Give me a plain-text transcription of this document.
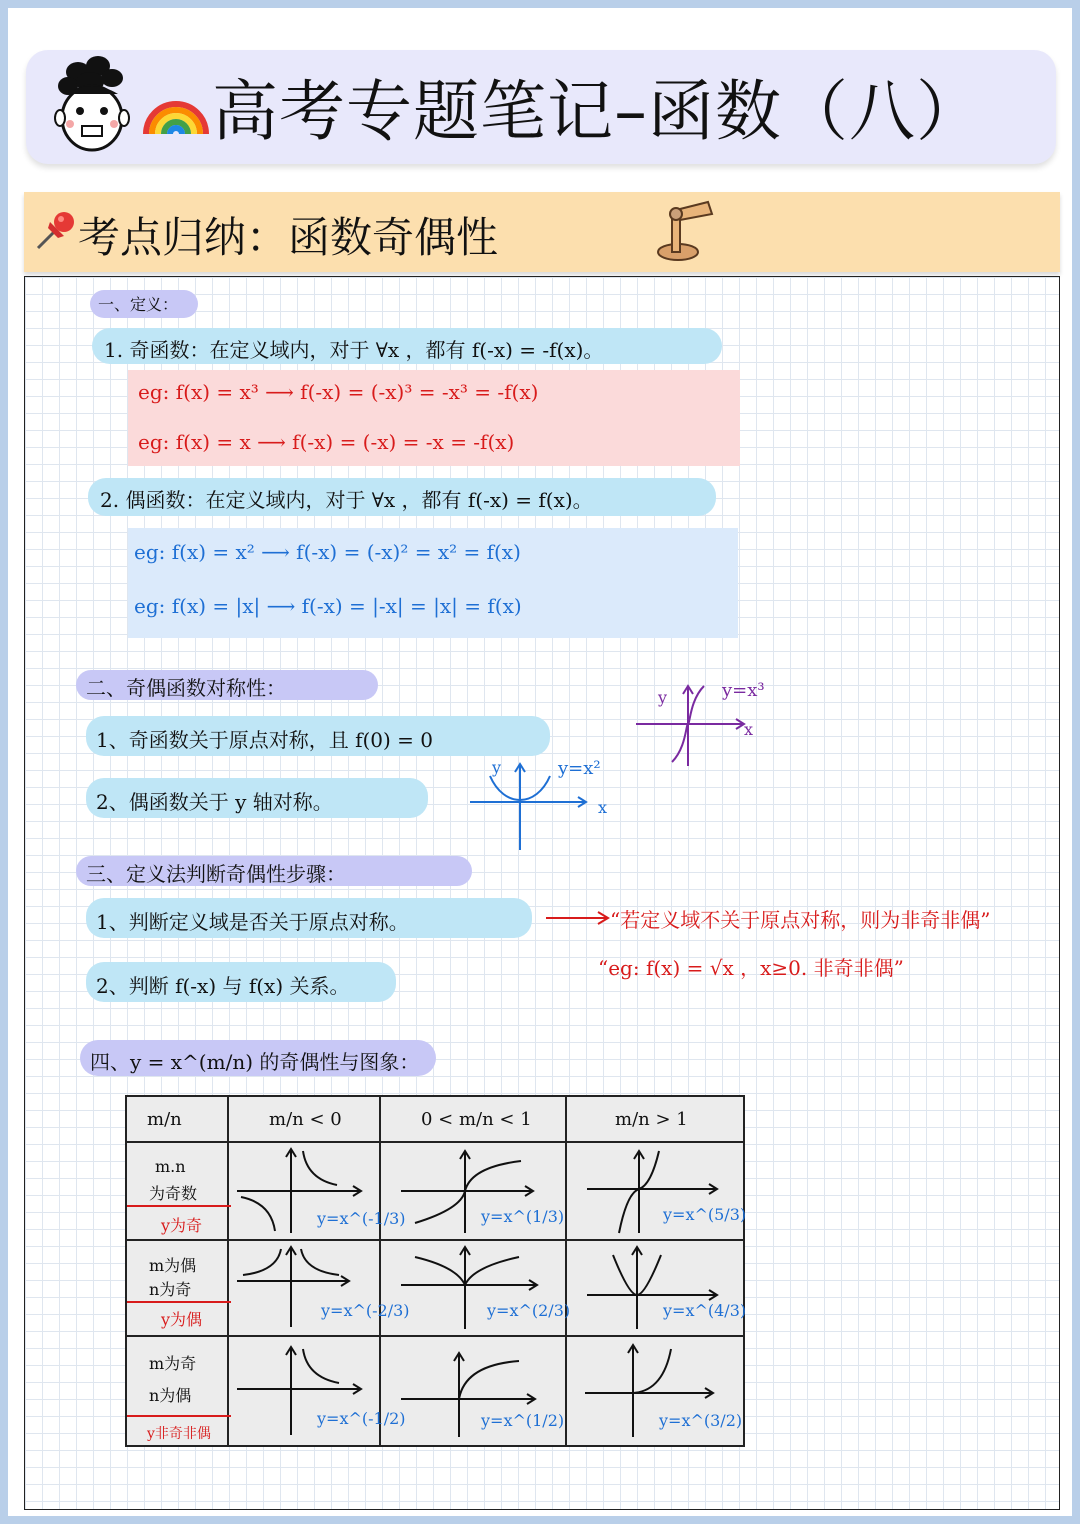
高考专题笔记–函数（八）
考点归纳：函数奇偶性
一、定义：
1. 奇函数：在定义域内，对于 ∀x ，都有 f(-x) = -f(x)。
eg: f(x) = x³ ⟶ f(-x) = (-x)³ = -x³ = -f(x)
eg: f(x) = x ⟶ f(-x) = (-x) = -x = -f(x)
2. 偶函数：在定义域内，对于 ∀x ，都有 f(-x) = f(x)。
eg: f(x) = x² ⟶ f(-x) = (-x)² = x² = f(x)
eg: f(x) = |x| ⟶ f(-x) = |-x| = |x| = f(x)
二、奇偶函数对称性：
1、奇函数关于原点对称，且 f(0) = 0
2、偶函数关于 y 轴对称。
y
x
y=x³
y
x
y=x²
三、定义法判断奇偶性步骤：
1、判断定义域是否关于原点对称。	“若定义域不关于原点对称，则为非奇非偶”
“eg: f(x) = √x ，x≥0. 非奇非偶”
2、判断 f(-x) 与 f(x) 关系。
四、y = x^(m/n) 的奇偶性与图象：
m/n	m/n < 0	0 < m/n < 1	m/n > 1

m.n
为奇数
y为奇	y=x^(-1/3)	y=x^(1/3)	y=x^(5/3)

m为偶
n为奇
y为偶	y=x^(-2/3)	y=x^(2/3)	y=x^(4/3)

m为奇
n为偶
y非奇非偶	y=x^(-1/2)	y=x^(1/2)	y=x^(3/2)
